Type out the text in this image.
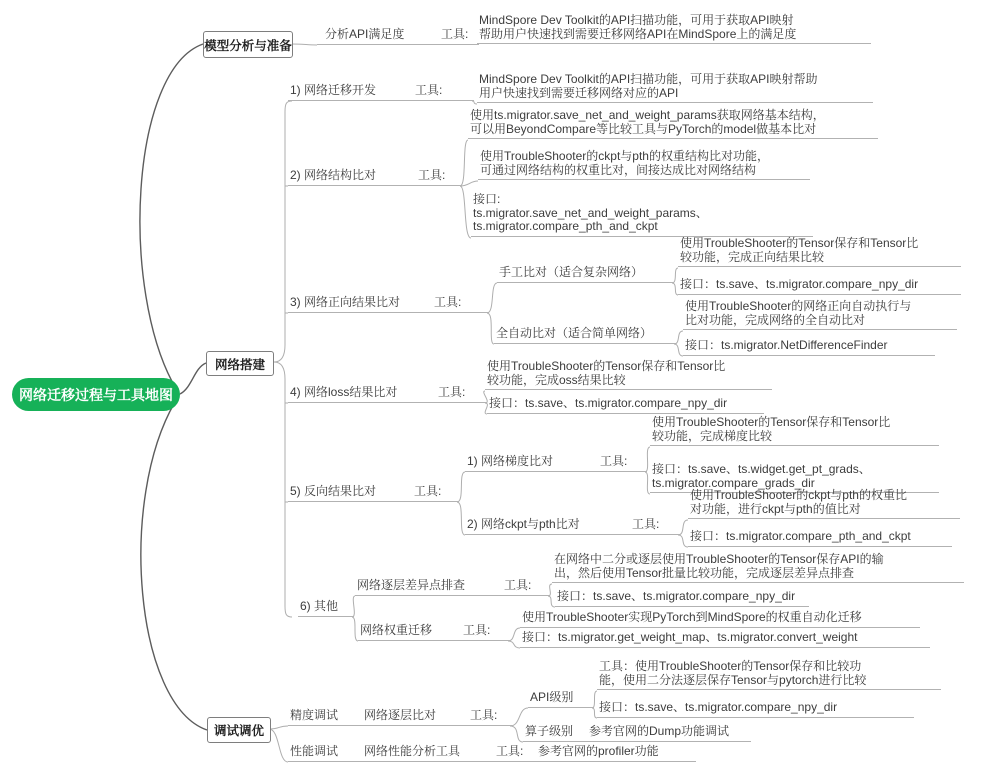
网络迁移过程与工具地图
模型分析与准备
网络搭建
调试调优
分析API满足度	工具:
MindSpore Dev Toolkit的API扫描功能，可用于获取API映射
帮助用户快速找到需要迁移网络API在MindSpore上的满足度
1) 网络迁移开发	工具:
MindSpore Dev Toolkit的API扫描功能，可用于获取API映射帮助
用户快速找到需要迁移网络对应的API
2) 网络结构比对	工具:
使用ts.migrator.save_net_and_weight_params获取网络基本结构，
可以用BeyondCompare等比较工具与PyTorch的model做基本比对
使用TroubleShooter的ckpt与pth的权重结构比对功能，
可通过网络结构的权重比对，间接达成比对网络结构
接口:
ts.migrator.save_net_and_weight_params、
ts.migrator.compare_pth_and_ckpt
3) 网络正向结果比对	工具:
手工比对（适合复杂网络）
使用TroubleShooter的Tensor保存和Tensor比
较功能，完成正向结果比较
接口：ts.save、ts.migrator.compare_npy_dir
全自动比对（适合简单网络）
使用TroubleShooter的网络正向自动执行与
比对功能，完成网络的全自动比对
接口：ts.migrator.NetDifferenceFinder
4) 网络loss结果比对	工具:
使用TroubleShooter的Tensor保存和Tensor比
较功能，完成oss结果比较
接口：ts.save、ts.migrator.compare_npy_dir
5) 反向结果比对	工具:
1) 网络梯度比对	工具:
使用TroubleShooter的Tensor保存和Tensor比
较功能，完成梯度比较
接口：ts.save、ts.widget.get_pt_grads、
ts.migrator.compare_grads_dir
2) 网络ckpt与pth比对	工具:
使用TroubleShooter的ckpt与pth的权重比
对功能，进行ckpt与pth的值比对
接口：ts.migrator.compare_pth_and_ckpt
6) 其他
网络逐层差异点排查	工具:
在网络中二分或逐层使用TroubleShooter的Tensor保存API的输
出，然后使用Tensor批量比较功能，完成逐层差异点排查
接口：ts.save、ts.migrator.compare_npy_dir
网络权重迁移	工具:
使用TroubleShooter实现PyTorch到MindSpore的权重自动化迁移
接口：ts.migrator.get_weight_map、ts.migrator.convert_weight
精度调试	网络逐层比对	工具:
API级别
工具：使用TroubleShooter的Tensor保存和比较功
能，使用二分法逐层保存Tensor与pytorch进行比较
接口：ts.save、ts.migrator.compare_npy_dir
算子级别	参考官网的Dump功能调试
性能调试	网络性能分析工具	工具:	参考官网的profiler功能
